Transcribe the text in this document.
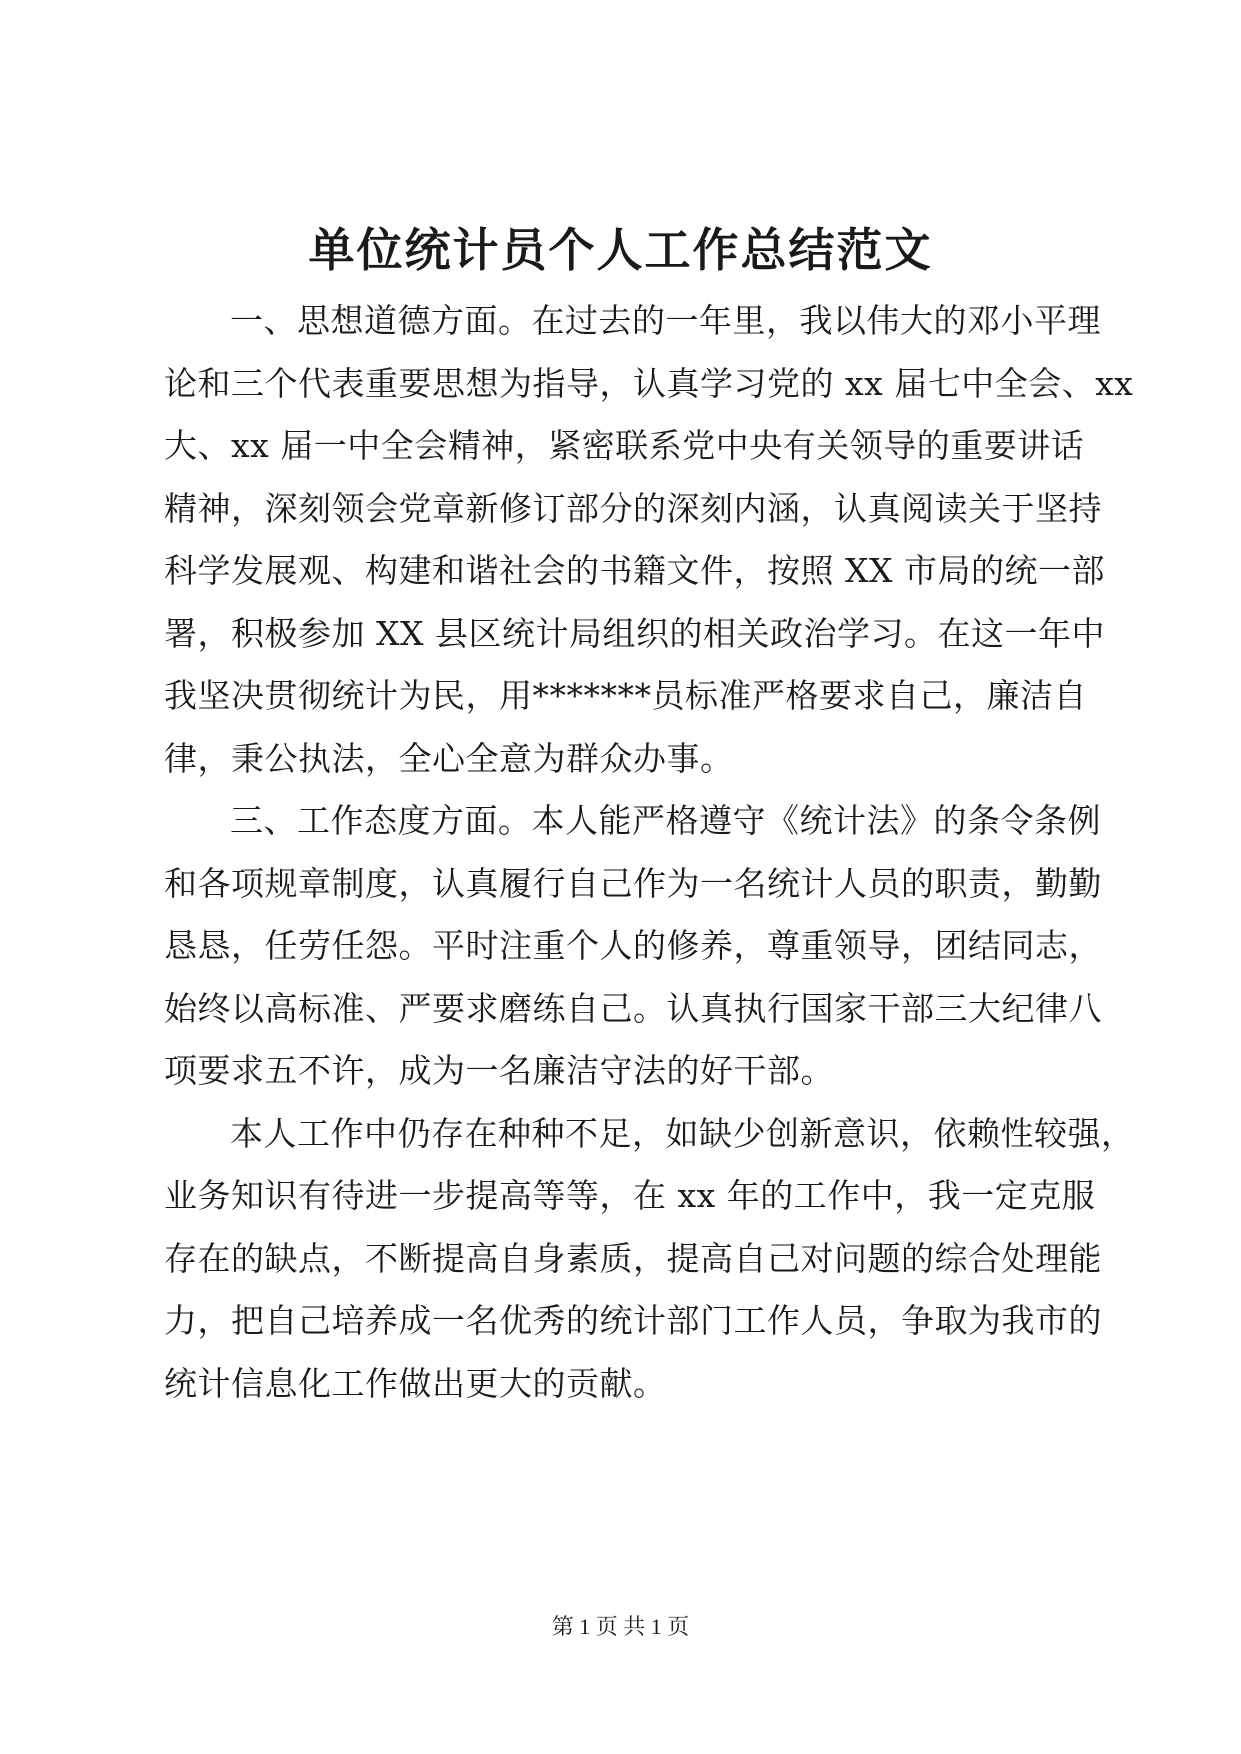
单位统计员个人工作总结范文
一、思想道德方面。在过去的一年里，我以伟大的邓小平理
论和三个代表重要思想为指导，认真学习党的 xx 届七中全会、xx
大、xx 届一中全会精神，紧密联系党中央有关领导的重要讲话
精神，深刻领会党章新修订部分的深刻内涵，认真阅读关于坚持
科学发展观、构建和谐社会的书籍文件，按照 XX 市局的统一部
署，积极参加 XX 县区统计局组织的相关政治学习。在这一年中
我坚决贯彻统计为民，用*******员标准严格要求自己，廉洁自
律，秉公执法，全心全意为群众办事。
三、工作态度方面。本人能严格遵守《统计法》的条令条例
和各项规章制度，认真履行自己作为一名统计人员的职责，勤勤
恳恳，任劳任怨。平时注重个人的修养，尊重领导，团结同志，
始终以高标准、严要求磨练自己。认真执行国家干部三大纪律八
项要求五不许，成为一名廉洁守法的好干部。
本人工作中仍存在种种不足，如缺少创新意识，依赖性较强，
业务知识有待进一步提高等等，在 xx 年的工作中，我一定克服
存在的缺点，不断提高自身素质，提高自己对问题的综合处理能
力，把自己培养成一名优秀的统计部门工作人员，争取为我市的
统计信息化工作做出更大的贡献。
第 1 页 共 1 页
